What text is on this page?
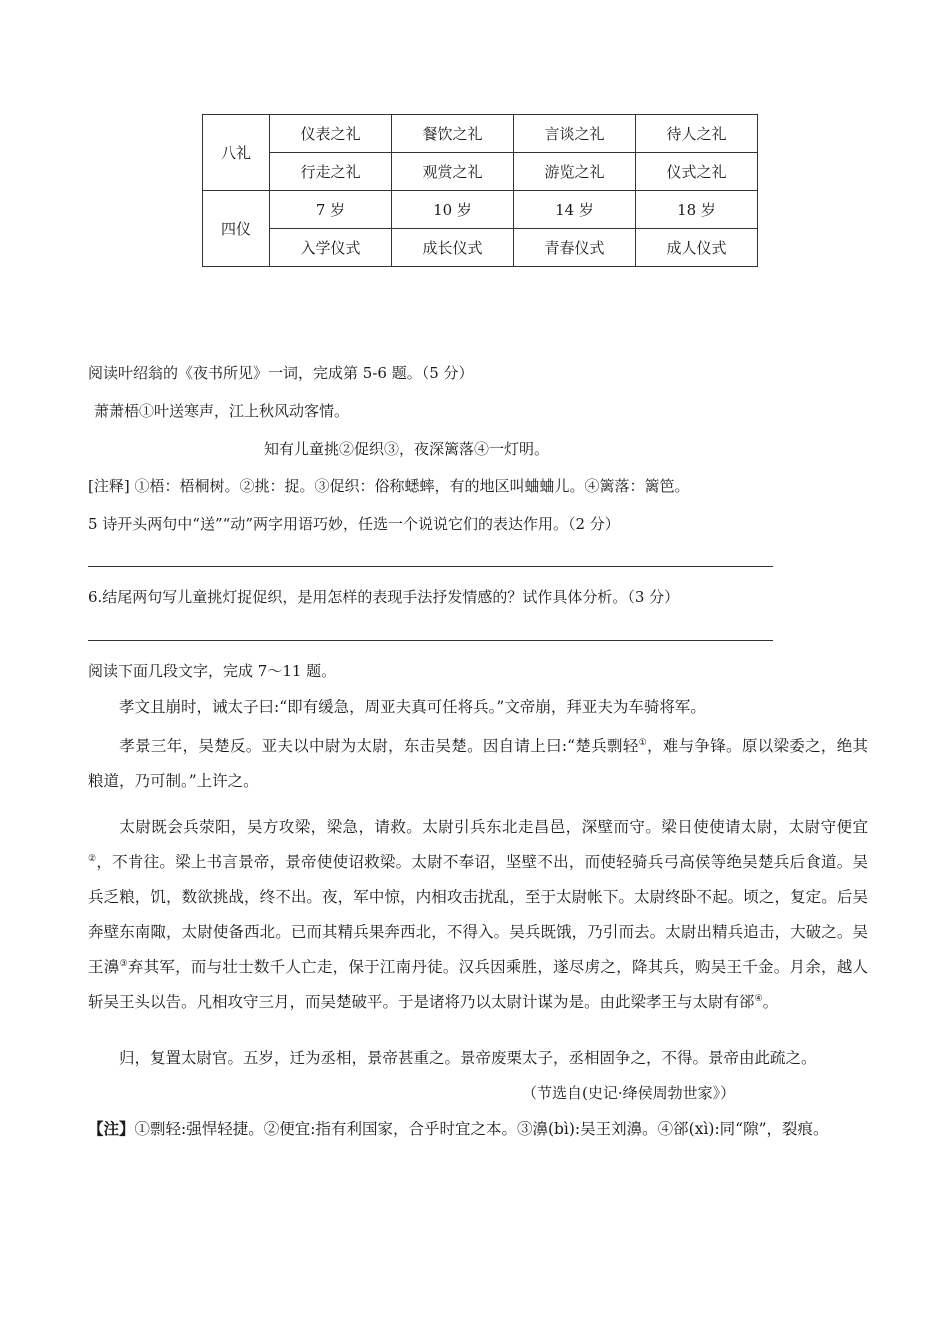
八礼	仪表之礼	餐饮之礼	言谈之礼	待人之礼
	行走之礼	观赏之礼	游览之礼	仪式之礼
四仪	7 岁	10 岁	14 岁	18 岁
	入学仪式	成长仪式	青春仪式	成人仪式
阅读叶绍翁的《夜书所见》一词，完成第 5-6 题。（5 分）
萧萧梧①叶送寒声，江上秋风动客情。
知有儿童挑②促织③，夜深篱落④一灯明。
[注释] ①梧：梧桐树。②挑：捉。③促织：俗称蟋蟀，有的地区叫蛐蛐儿。④篱落：篱笆。
5 诗开头两句中“送”“动”两字用语巧妙，任选一个说说它们的表达作用。（2 分）
6.结尾两句写儿童挑灯捉促织，是用怎样的表现手法抒发情感的？试作具体分析。（3 分）
阅读下面几段文字，完成 7～11 题。
孝文且崩时，诫太子曰:“即有缓急，周亚夫真可任将兵。”文帝崩，拜亚夫为车骑将军。
孝景三年，吴楚反。亚夫以中尉为太尉，东击吴楚。因自请上曰:“楚兵剽轻①，难与争锋。原以梁委之，绝其粮道，乃可制。”上许之。
太尉既会兵荥阳，吴方攻梁，梁急，请救。太尉引兵东北走昌邑，深壁而守。梁日使使请太尉，太尉守便宜②，不肯往。梁上书言景帝，景帝使使诏救梁。太尉不奉诏，坚壁不出，而使轻骑兵弓高侯等绝吴楚兵后食道。吴兵乏粮，饥，数欲挑战，终不出。夜，军中惊，内相攻击扰乱，至于太尉帐下。太尉终卧不起。顷之，复定。后吴奔壁东南陬，太尉使备西北。已而其精兵果奔西北，不得入。吴兵既饿，乃引而去。太尉出精兵追击，大破之。吴王濞③弃其军，而与壮士数千人亡走，保于江南丹徒。汉兵因乘胜，遂尽虏之，降其兵，购吴王千金。月余，越人斩吴王头以告。凡相攻守三月，而吴楚破平。于是诸将乃以太尉计谋为是。由此梁孝王与太尉有郤④。
归，复置太尉官。五岁，迁为丞相，景帝甚重之。景帝废栗太子，丞相固争之，不得。景帝由此疏之。
（节选自(史记·绛侯周勃世家》）
【注】①剽轻:强悍轻捷。②便宜:指有利国家，合乎时宜之本。③濞(bì):吴王刘濞。④郤(xì):同“隙”，裂痕。
